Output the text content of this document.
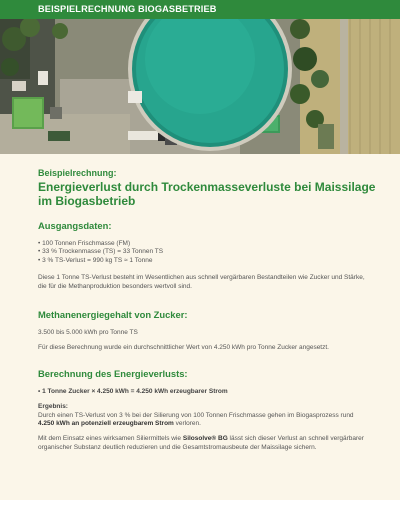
BEISPIELRECHNUNG BIOGASBETRIEB
Beispielrechnung:
Energieverlust durch Trockenmasseverluste bei Maissilage im Biogasbetrieb
Ausgangsdaten:
• 100 Tonnen Frischmasse (FM)
• 33 % Trockenmasse (TS) = 33 Tonnen TS
• 3 % TS-Verlust = 990 kg TS ≈ 1 Tonne

Diese 1 Tonne TS-Verlust besteht im Wesentlichen aus schnell vergärbaren Bestandteilen wie Zucker und Stärke, die für die Methanproduktion besonders wertvoll sind.

Methanenergiegehalt von Zucker:

3.500 bis 5.000 kWh pro Tonne TS

Für diese Berechnung wurde ein durchschnittlicher Wert von 4.250 kWh pro Tonne Zucker angesetzt.

Berechnung des Energieverlusts:
• 1 Tonne Zucker × 4.250 kWh = 4.250 kWh erzeugbarer Strom

Ergebnis:

Durch einen TS-Verlust von 3 % bei der Silierung von 100 Tonnen Frischmasse gehen im Biogasprozess rund 4.250 kWh an potenziell erzeugbarem Strom verloren.

Mit dem Einsatz eines wirksamen Siliermittels wie Silosolve® BG lässt sich dieser Verlust an schnell vergärbarer organischer Substanz deutlich reduzieren und die Gesamtstromausbeute der Maissilage sichern.
